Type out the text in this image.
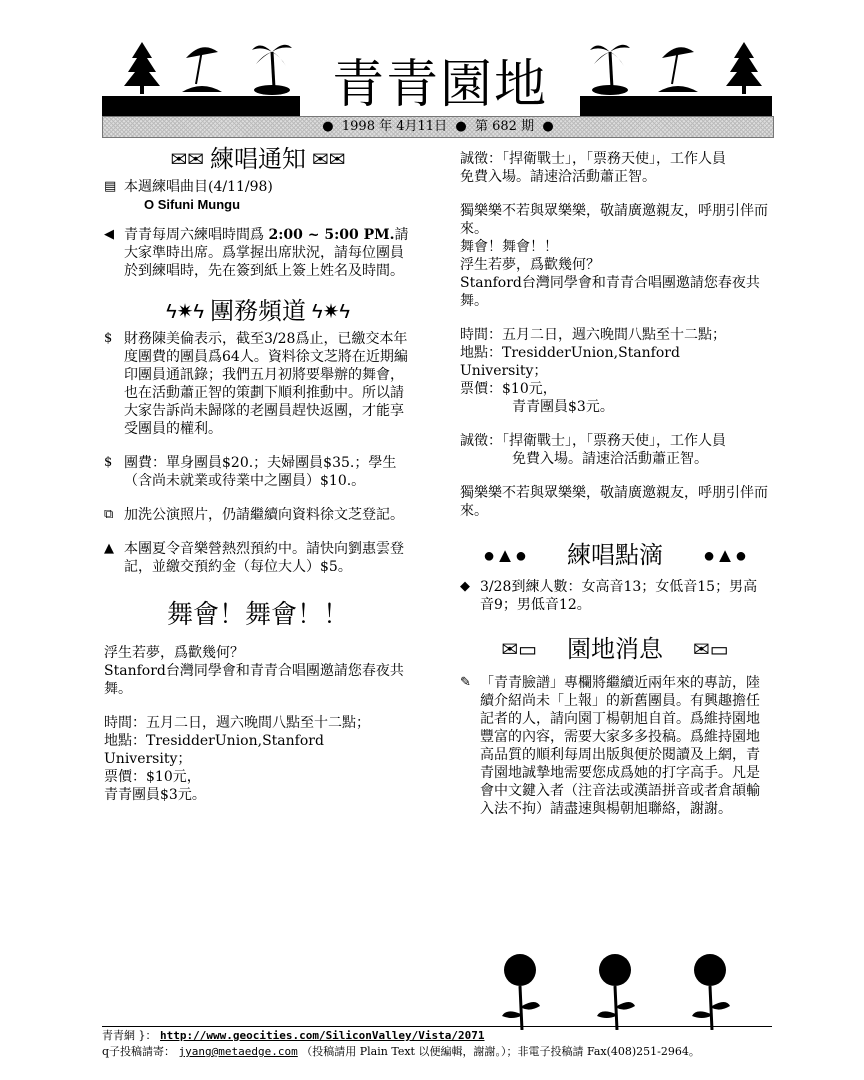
青青園地
● 1998 年 4月11日 ● 第 682 期 ●
✉✉ 練唱通知 ✉✉
▤ 本週練唱曲目(4/11/98)

O Sifuni Mungu

◀ 青青每周六練唱時間爲 2:00 ~ 5:00 PM.請大家準時出席。爲掌握出席狀況，請每位團員於到練唱時，先在簽到紙上簽上姓名及時間。

ϟ✷ϟ 團務頻道 ϟ✷ϟ
$ 財務陳美倫表示，截至3/28爲止，已繳交本年度團費的團員爲64人。資料徐文芝將在近期編印團員通訊錄；我們五月初將要舉辦的舞會，也在活動蕭正智的策劃下順利推動中。所以請大家告訴尚未歸隊的老團員趕快返團，才能享受團員的權利。

$ 團費：單身團員$20.；夫婦團員$35.；學生（含尚未就業或待業中之團員）$10.。

⧉ 加洗公演照片，仍請繼續向資料徐文芝登記。

▲ 本團夏令音樂營熱烈預約中。請快向劉惠雲登記，並繳交預約金（每位大人）$5。

舞會！舞會！！

浮生若夢，爲歡幾何？

Stanford台灣同學會和青青合唱團邀請您春夜共舞。

時間：五月二日，週六晚間八點至十二點；

地點：TresidderUnion,Stanford University；

票價：$10元，

青青團員$3元。

誠徵：「捍衛戰士」，「票務天使」，工作人員

免費入場。請速洽活動蕭正智。

獨樂樂不若與眾樂樂，敬請廣邀親友，呼朋引伴而來。

舞會！舞會！！

浮生若夢，爲歡幾何？

Stanford台灣同學會和青青合唱團邀請您春夜共舞。

時間：五月二日，週六晚間八點至十二點；

地點：TresidderUnion,Stanford University；

票價：$10元，

青青團員$3元。

誠徵：「捍衛戰士」，「票務天使」，工作人員

免費入場。請速洽活動蕭正智。

獨樂樂不若與眾樂樂，敬請廣邀親友，呼朋引伴而來。

●▲● 練唱點滴 ●▲●
◆ 3/28到練人數：女高音13；女低音15；男高音9；男低音12。

✉▭ 園地消息 ✉▭
✎ 「青青臉譜」專欄將繼續近兩年來的專訪，陸續介紹尚未「上報」的新舊團員。有興趣擔任記者的人，請向園丁楊朝旭自首。爲維持園地豐富的內容，需要大家多多投稿。爲維持園地高品質的順利每周出版與便於閱讀及上網，青青園地誠摯地需要您成爲她的打字高手。凡是會中文鍵入者（注音法或漢語拼音或者倉頡輸入法不拘）請盡速與楊朝旭聯絡，謝謝。

青青網 }： http://www.geocities.com/SiliconValley/Vista/2071
q子投稿請寄： jyang@metaedge.com （投稿請用 Plain Text 以便編輯，謝謝。）；非電子投稿請 Fax(408)251-2964。
